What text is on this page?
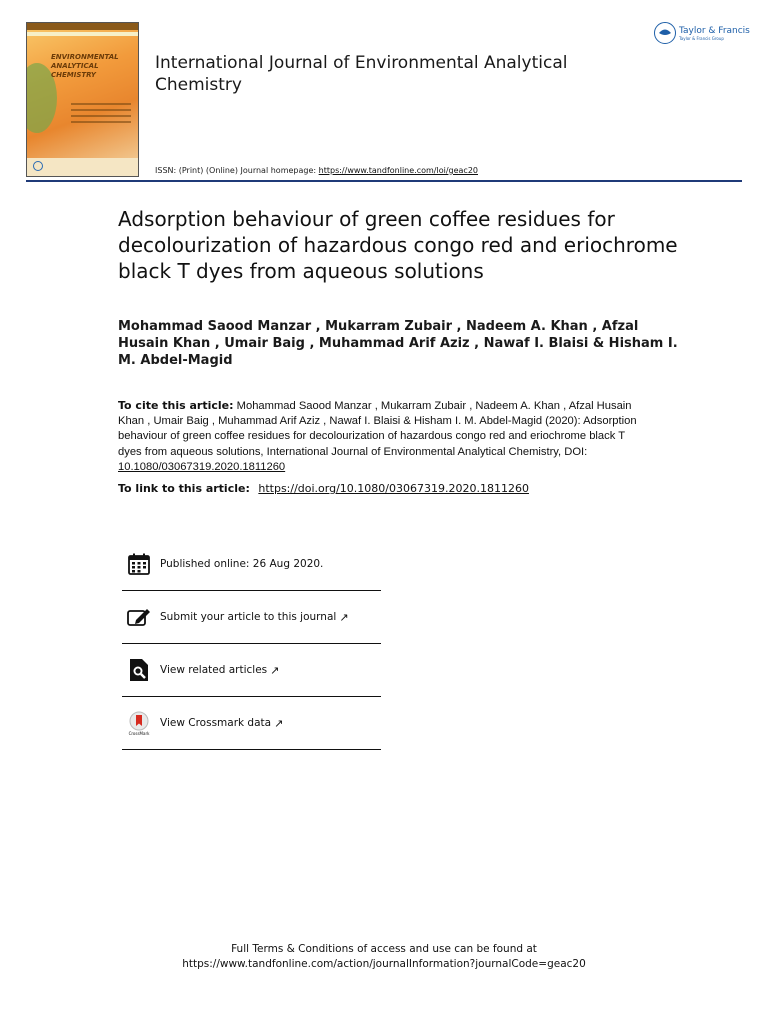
ENVIRONMENTAL ANALYTICAL CHEMISTRY
International Journal of Environmental Analytical Chemistry
Taylor & Francis
Taylor & Francis Group
ISSN: (Print) (Online) Journal homepage: https://www.tandfonline.com/loi/geac20
Adsorption behaviour of green coffee residues for decolourization of hazardous congo red and eriochrome black T dyes from aqueous solutions
Mohammad Saood Manzar , Mukarram Zubair , Nadeem A. Khan , Afzal Husain Khan , Umair Baig , Muhammad Arif Aziz , Nawaf I. Blaisi & Hisham I. M. Abdel-Magid
To cite this article: Mohammad Saood Manzar , Mukarram Zubair , Nadeem A. Khan , Afzal Husain Khan , Umair Baig , Muhammad Arif Aziz , Nawaf I. Blaisi & Hisham I. M. Abdel-Magid (2020): Adsorption behaviour of green coffee residues for decolourization of hazardous congo red and eriochrome black T dyes from aqueous solutions, International Journal of Environmental Analytical Chemistry, DOI: 10.1080/03067319.2020.1811260
To link to this article: https://doi.org/10.1080/03067319.2020.1811260
Published online: 26 Aug 2020.
Submit your article to this journal ↗
View related articles ↗
CrossMark
View Crossmark data ↗
Full Terms & Conditions of access and use can be found at
https://www.tandfonline.com/action/journalInformation?journalCode=geac20
